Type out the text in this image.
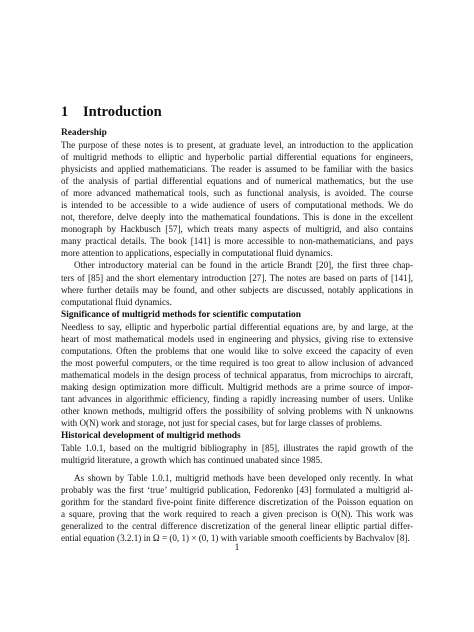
1 Introduction
Readership
The purpose of these notes is to present, at graduate level, an introduction to the application
of multigrid methods to elliptic and hyperbolic partial differential equations for engineers,
physicists and applied mathematicians. The reader is assumed to be familiar with the basics
of the analysis of partial differential equations and of numerical mathematics, but the use
of more advanced mathematical tools, such as functional analysis, is avoided. The course
is intended to be accessible to a wide audience of users of computational methods. We do
not, therefore, delve deeply into the mathematical foundations. This is done in the excellent
monograph by Hackbusch [57], which treats many aspects of multigrid, and also contains
many practical details. The book [141] is more accessible to non-mathematicians, and pays
more attention to applications, especially in computational fluid dynamics.
Other introductory material can be found in the article Brandt [20], the first three chap-
ters of [85] and the short elementary introduction [27]. The notes are based on parts of [141],
where further details may be found, and other subjects are discussed, notably applications in
computational fluid dynamics.
Significance of multigrid methods for scientific computation
Needless to say, elliptic and hyperbolic partial differential equations are, by and large, at the
heart of most mathematical models used in engineering and physics, giving rise to extensive
computations. Often the problems that one would like to solve exceed the capacity of even
the most powerful computers, or the time required is too great to allow inclusion of advanced
mathematical models in the design process of technical apparatus, from microchips to aircraft,
making design optimization more difficult. Multigrid methods are a prime source of impor-
tant advances in algorithmic efficiency, finding a rapidly increasing number of users. Unlike
other known methods, multigrid offers the possibility of solving problems with N unknowns
with O(N) work and storage, not just for special cases, but for large classes of problems.
Historical development of multigrid methods
Table 1.0.1, based on the multigrid bibliography in [85], illustrates the rapid growth of the
multigrid literature, a growth which has continued unabated since 1985.
As shown by Table 1.0.1, multigrid methods have been developed only recently. In what
probably was the first ‘true’ multigrid publication, Fedorenko [43] formulated a multigrid al-
gorithm for the standard five-point finite difference discretization of the Poisson equation on
a square, proving that the work required to reach a given precison is O(N). This work was
generalized to the central difference discretization of the general linear elliptic partial differ-
ential equation (3.2.1) in Ω = (0, 1) × (0, 1) with variable smooth coefficients by Bachvalov [8].
1
